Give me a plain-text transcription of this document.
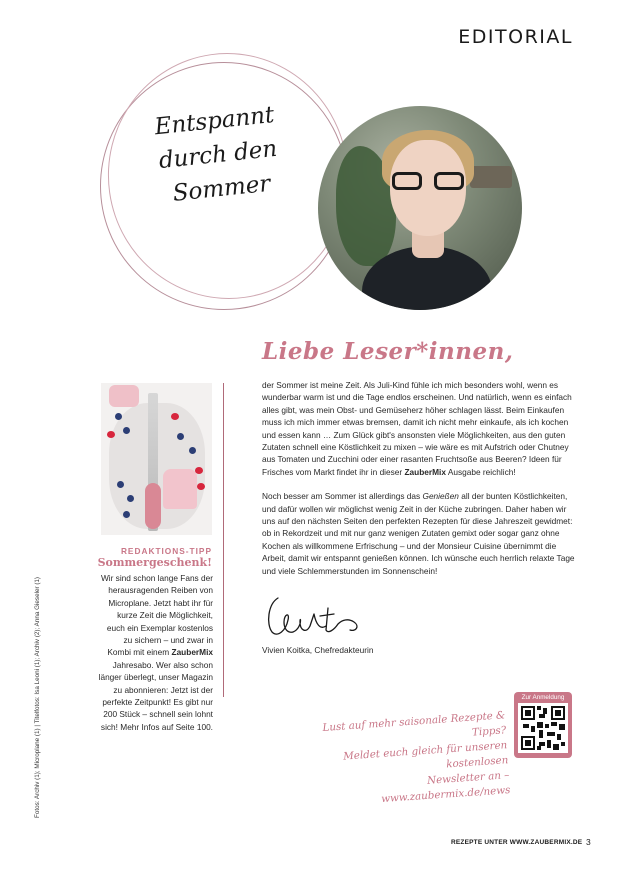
EDITORIAL
Entspannt
durch den
Sommer
Liebe Leser*innen,

der Sommer ist meine Zeit. Als Juli-Kind fühle ich mich besonders wohl, wenn es wunderbar warm ist und die Tage endlos erscheinen. Und natürlich, wenn es einfach alles gibt, was mein Obst- und Gemüseherz höher schlagen lässt. Beim Einkaufen muss ich mich immer etwas bremsen, damit ich nicht mehr einkaufe, als ich kochen und essen kann … Zum Glück gibt's ansonsten viele Möglichkeiten, aus den guten Zutaten schnell eine Köstlichkeit zu mixen – wie wäre es mit Aufstrich oder Chutney aus Tomaten und Zucchini oder einer rasanten Fruchtsoße aus Beeren? Ideen für Frisches vom Markt findet ihr in dieser ZauberMix Ausgabe reichlich!

Noch besser am Sommer ist allerdings das Genießen all der bunten Köstlichkeiten, und dafür wollen wir möglichst wenig Zeit in der Küche zubringen. Daher haben wir uns auf den nächsten Seiten den perfekten Rezepten für diese Jahreszeit gewidmet: ob in Rekordzeit und mit nur ganz wenigen Zutaten gemixt oder sogar ganz ohne Kochen als willkommene Erfrischung – und der Monsieur Cuisine übernimmt die Arbeit, damit wir entspannt genießen können. Ich wünsche euch herrlich relaxte Tage und viele Schlemmerstunden im Sonnenschein!

Vivien Koitka, Chefredakteurin
REDAKTIONS-TIPP
Sommergeschenk!
Wir sind schon lange Fans der herausragenden Reiben von Microplane. Jetzt habt ihr für kurze Zeit die Möglichkeit, euch ein Exemplar kostenlos zu sichern – und zwar in Kombi mit einem ZauberMix Jahresabo. Wer also schon länger überlegt, unser Magazin zu abonnieren: Jetzt ist der perfekte Zeitpunkt! Es gibt nur 200 Stück – schnell sein lohnt sich! Mehr Infos auf Seite 100.
Fotos: Archiv (1); Microplane (1) | Titelfotos: Isa Leoni (1); Archiv (2); Anna Gieseler (1)	Lust auf mehr saisonale Rezepte & Tipps?
Meldet euch gleich für unseren kostenlosen
Newsletter an – www.zaubermix.de/news
Zur Anmeldung
REZEPTE UNTER WWW.ZAUBERMIX.DE 3
